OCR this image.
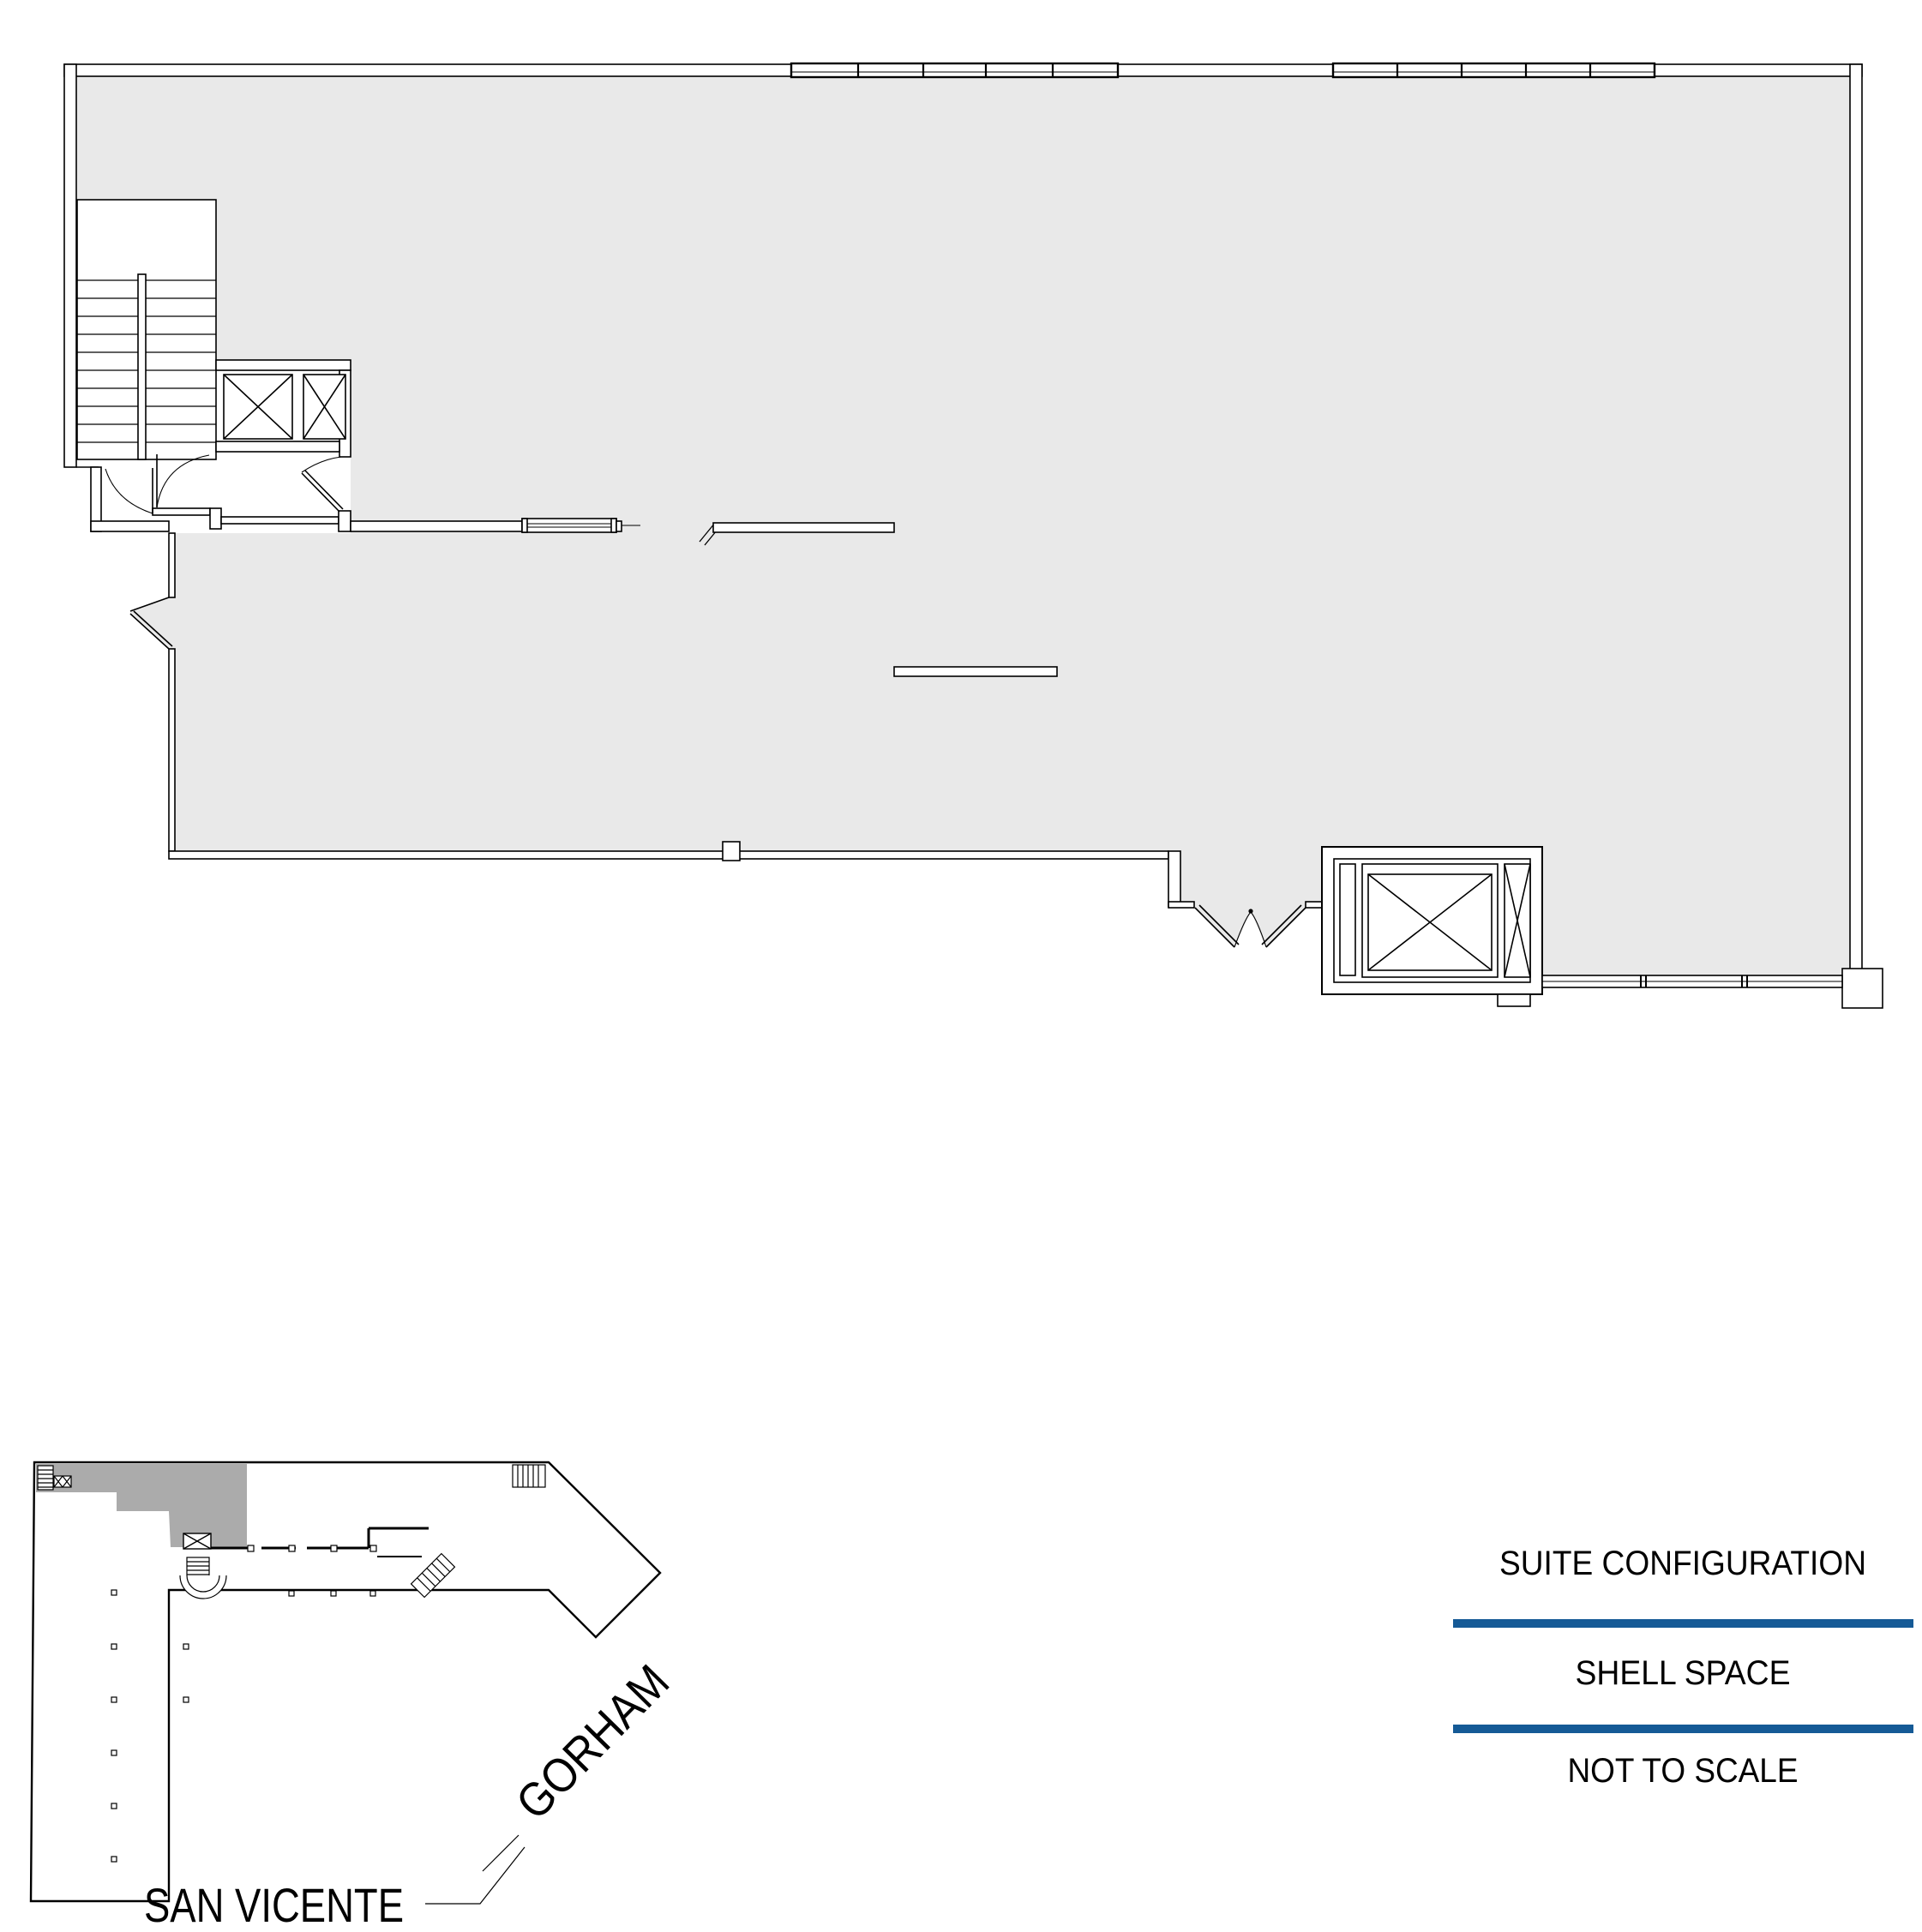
SAN VICENTE
GORHAM
SUITE CONFIGURATION
SHELL SPACE
NOT TO SCALE
